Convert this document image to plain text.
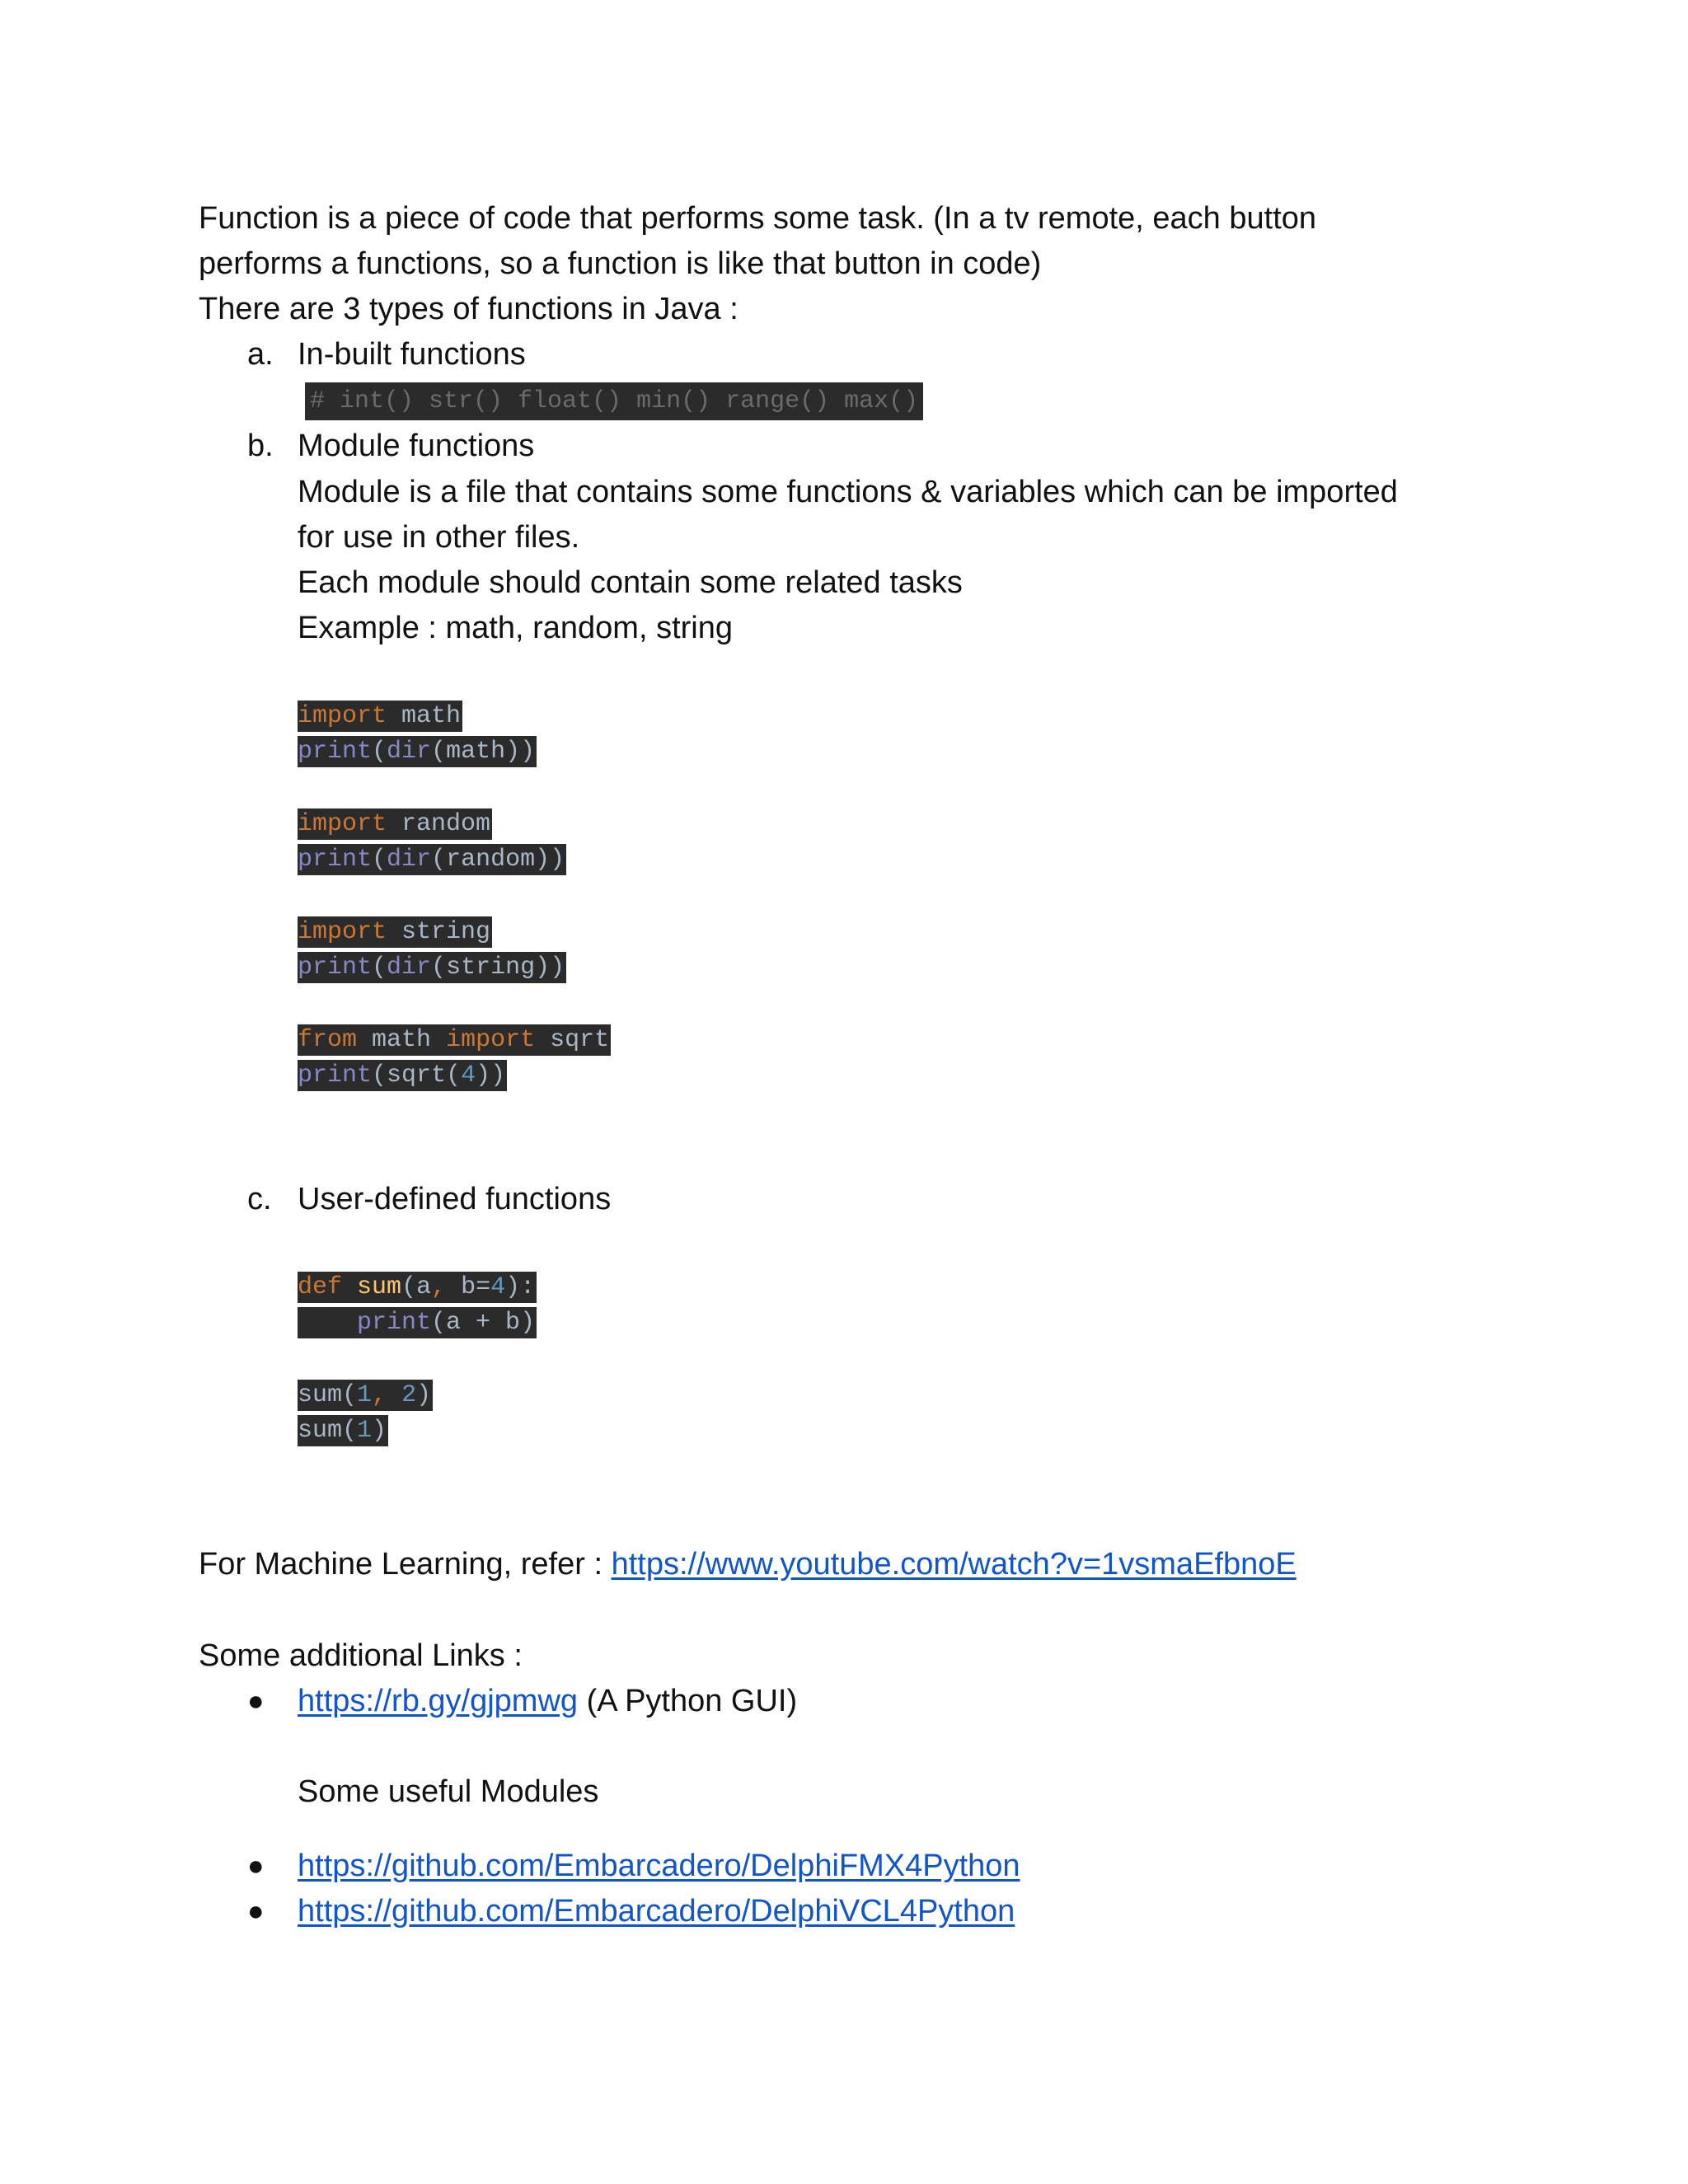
Function is a piece of code that performs some task. (In a tv remote, each button
performs a functions, so a function is like that button in code)
There are 3 types of functions in Java :
a. In-built functions
# int() str() float() min() range() max()
b. Module functions
Module is a file that contains some functions & variables which can be imported
for use in other files.
Each module should contain some related tasks
Example : math, random, string
import math
print(dir(math))
import random
print(dir(random))
import string
print(dir(string))
from math import sqrt
print(sqrt(4))
c. User-defined functions
def sum(a, b=4):
print(a + b)
sum(1, 2)
sum(1)
For Machine Learning, refer : https://www.youtube.com/watch?v=1vsmaEfbnoE
Some additional Links :
● https://rb.gy/gjpmwg (A Python GUI)
Some useful Modules
● https://github.com/Embarcadero/DelphiFMX4Python
● https://github.com/Embarcadero/DelphiVCL4Python
